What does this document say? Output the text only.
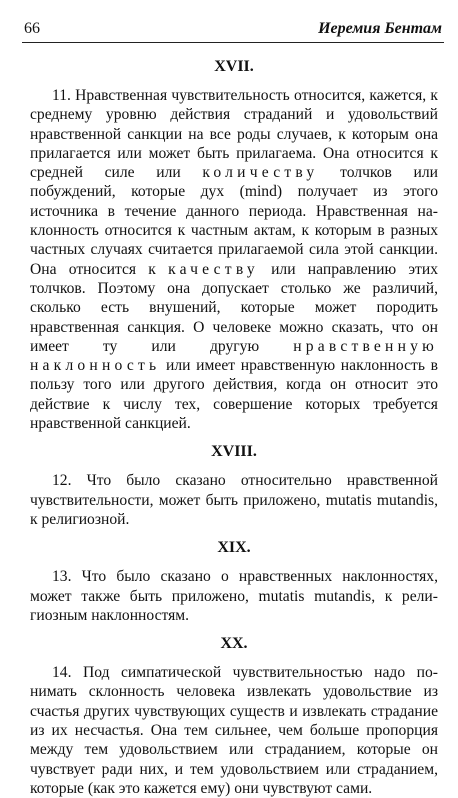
66	Иеремия Бентам
XVII.

11. Нравственная чувствительность относится, кажется, к среднему уровню действия страданий и удовольствий нравственной санкции на все роды случаев, к которым она прилагается или может быть прилагаема. Она относится к средней силе или количеству толчков или побуждений, которые дух (mind) получает из этого источника в течение данного периода. Нравственная наклонность относится к частным актам, к которым в разных частных случаях считается прилагаемой сила этой санкции. Она относится к качеству или направлению этих толчков. Поэтому она допускает столько же различий, сколько есть внушений, которые может породить нравственная санкция. О человеке можно сказать, что он имеет ту или другую нравственную наклонность или имеет нравственную наклонность в пользу того или другого действия, когда он относит это действие к числу тех, совершение которых требуется нравственной санкцией.

XVIII.

12. Что было сказано относительно нравственной чувствительности, может быть приложено, mutatis mutandis, к религиозной.

XIX.

13. Что было сказано о нравственных наклонностях, может также быть приложено, mutatis mutandis, к религиозным наклонностям.

XX.

14. Под симпатической чувствительностью надо понимать склонность человека извлекать удовольствие из счастья других чувствующих существ и извлекать страдание из их несчастья. Она тем сильнее, чем больше пропорция между тем удовольствием или страданием, которые он чувствует ради них, и тем удовольствием или страданием, которые (как это кажется ему) они чувствуют сами.
